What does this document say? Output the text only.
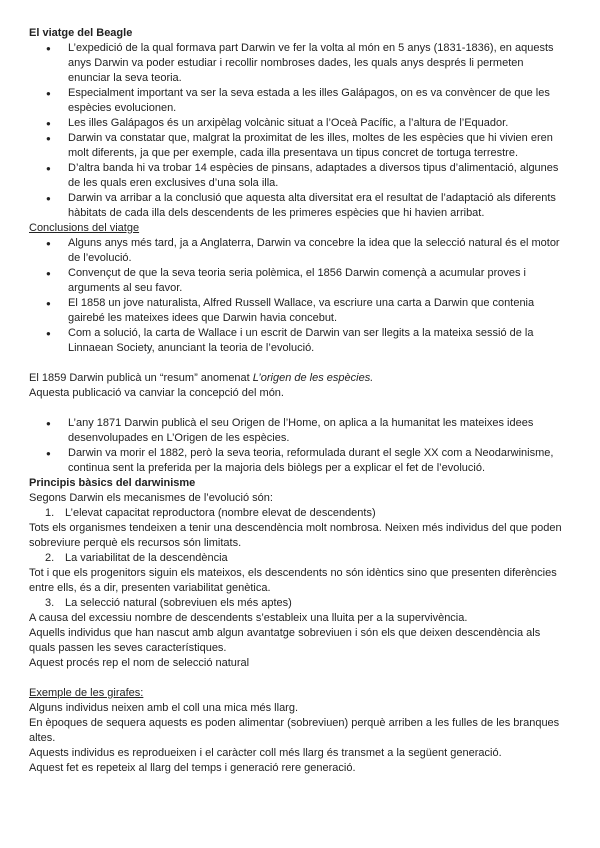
El viatge del Beagle
● L’expedició de la qual formava part Darwin ve fer la volta al món en 5 anys (1831-1836), en aquests anys Darwin va poder estudiar i recollir nombroses dades, les quals anys després li permeten enunciar la seva teoria.
● Especialment important va ser la seva estada a les illes Galápagos, on es va convèncer de que les espècies evolucionen.
● Les illes Galápagos és un arxipèlag volcànic situat a l’Oceà Pacífic, a l’altura de l’Equador.
● Darwin va constatar que, malgrat la proximitat de les illes, moltes de les espècies que hi vivien eren molt diferents, ja que per exemple, cada illa presentava un tipus concret de tortuga terrestre.
● D’altra banda hi va trobar 14 espècies de pinsans, adaptades a diversos tipus d’alimentació, algunes de les quals eren exclusives d’una sola illa.
● Darwin va arribar a la conclusió que aquesta alta diversitat era el resultat de l’adaptació als diferents hàbitats de cada illa dels descendents de les primeres espècies que hi havien arribat.

Conclusions del viatge

● Alguns anys més tard, ja a Anglaterra, Darwin va concebre la idea que la selecció natural és el motor de l’evolució.
● Convençut de que la seva teoria seria polèmica, el 1856 Darwin començà a acumular proves i arguments al seu favor.
● El 1858 un jove naturalista, Alfred Russell Wallace, va escriure una carta a Darwin que contenia gairebé les mateixes idees que Darwin havia concebut.
● Com a solució, la carta de Wallace i un escrit de Darwin van ser llegits a la mateixa sessió de la Linnaean Society, anunciant la teoria de l’evolució.

El 1859 Darwin publicà un “resum” anomenat L’origen de les espècies.

Aquesta publicació va canviar la concepció del món.

● L’any 1871 Darwin publicà el seu Origen de l’Home, on aplica a la humanitat les mateixes idees desenvolupades en L’Origen de les espècies.
● Darwin va morir el 1882, però la seva teoria, reformulada durant el segle XX com a Neodarwinisme, continua sent la preferida per la majoria dels biòlegs per a explicar el fet de l’evolució.
Principis bàsics del darwinisme

Segons Darwin els mecanismes de l’evolució són:

1. L’elevat capacitat reproductora (nombre elevat de descendents)

Tots els organismes tendeixen a tenir una descendència molt nombrosa. Neixen més individus del que poden sobreviure perquè els recursos són limitats.

2. La variabilitat de la descendència

Tot i que els progenitors siguin els mateixos, els descendents no són idèntics sino que presenten diferències entre ells, és a dir, presenten variabilitat genètica.

3. La selecció natural (sobreviuen els més aptes)

A causa del excessiu nombre de descendents s’estableix una lluita per a la supervivència.

Aquells individus que han nascut amb algun avantatge sobreviuen i són els que deixen descendència als quals passen les seves característiques.

Aquest procés rep el nom de selecció natural

Exemple de les girafes:

Alguns individus neixen amb el coll una mica més llarg.

En èpoques de sequera aquests es poden alimentar (sobreviuen) perquè arriben a les fulles de les branques altes.

Aquests individus es reprodueixen i el caràcter coll més llarg és transmet a la següent generació.

Aquest fet es repeteix al llarg del temps i generació rere generació.
